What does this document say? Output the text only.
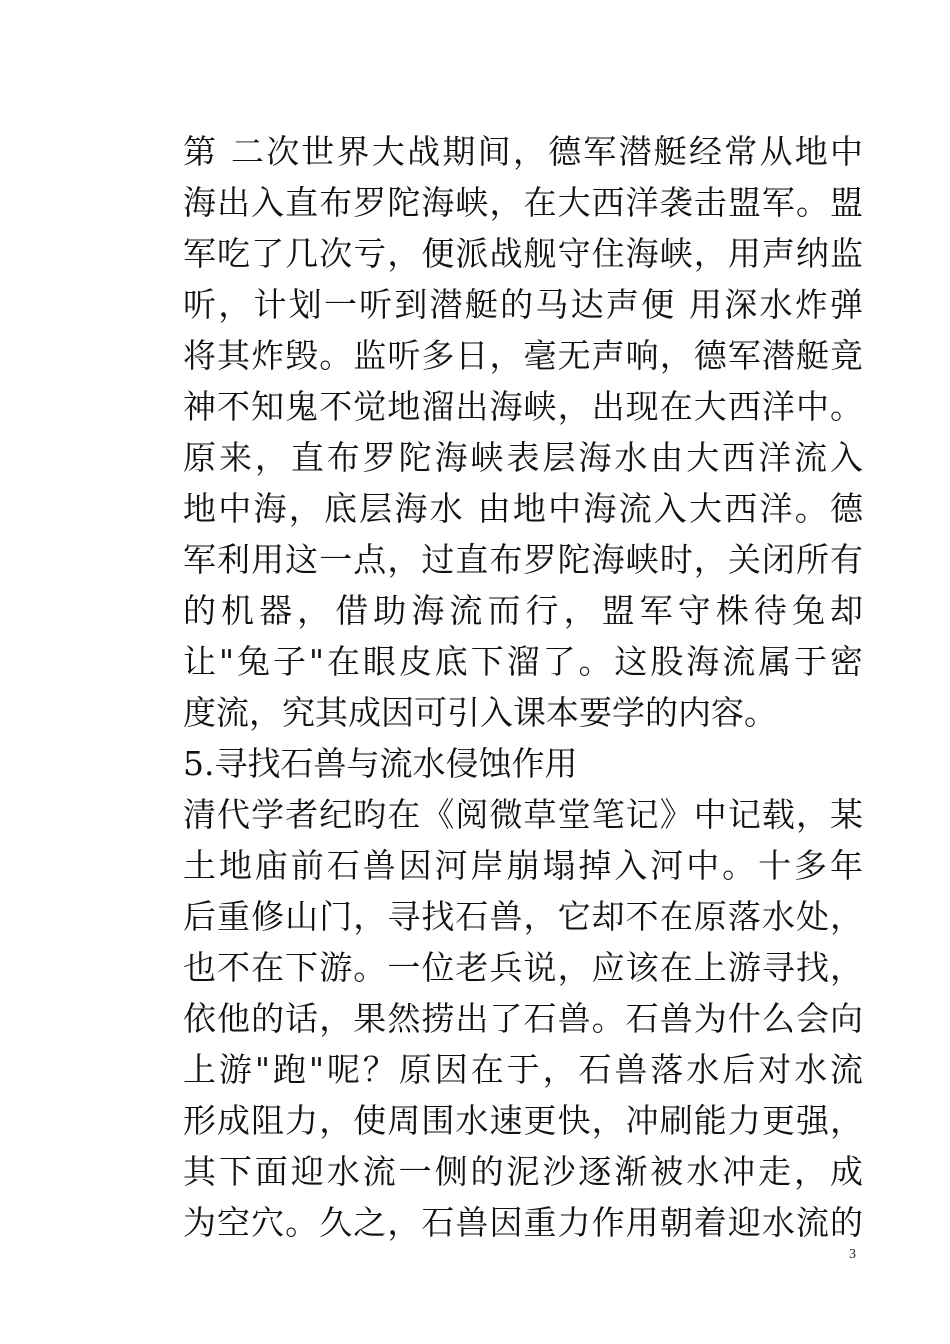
第 二次世界大战期间，德军潜艇经常从地中
海出入直布罗陀海峡，在大西洋袭击盟军。盟
军吃了几次亏，便派战舰守住海峡，用声纳监
听，计划一听到潜艇的马达声便 用深水炸弹
将其炸毁。监听多日，毫无声响，德军潜艇竟
神不知鬼不觉地溜出海峡，出现在大西洋中。
原来，直布罗陀海峡表层海水由大西洋流入
地中海，底层海水 由地中海流入大西洋。德
军利用这一点，过直布罗陀海峡时，关闭所有
的机器，借助海流而行，盟军守株待兔却
让"兔子"在眼皮底下溜了。这股海流属于密
度流，究其成因可引入课本要学的内容。
5.寻找石兽与流水侵蚀作用
清代学者纪昀在《阅微草堂笔记》中记载，某
土地庙前石兽因河岸崩塌掉入河中。十多年
后重修山门，寻找石兽，它却不在原落水处，
也不在下游。一位老兵说，应该在上游寻找，
依他的话，果然捞出了石兽。石兽为什么会向
上游"跑"呢？原因在于，石兽落水后对水流
形成阻力，使周围水速更快，冲刷能力更强，
其下面迎水流一侧的泥沙逐渐被水冲走，成
为空穴。久之，石兽因重力作用朝着迎水流的
3
